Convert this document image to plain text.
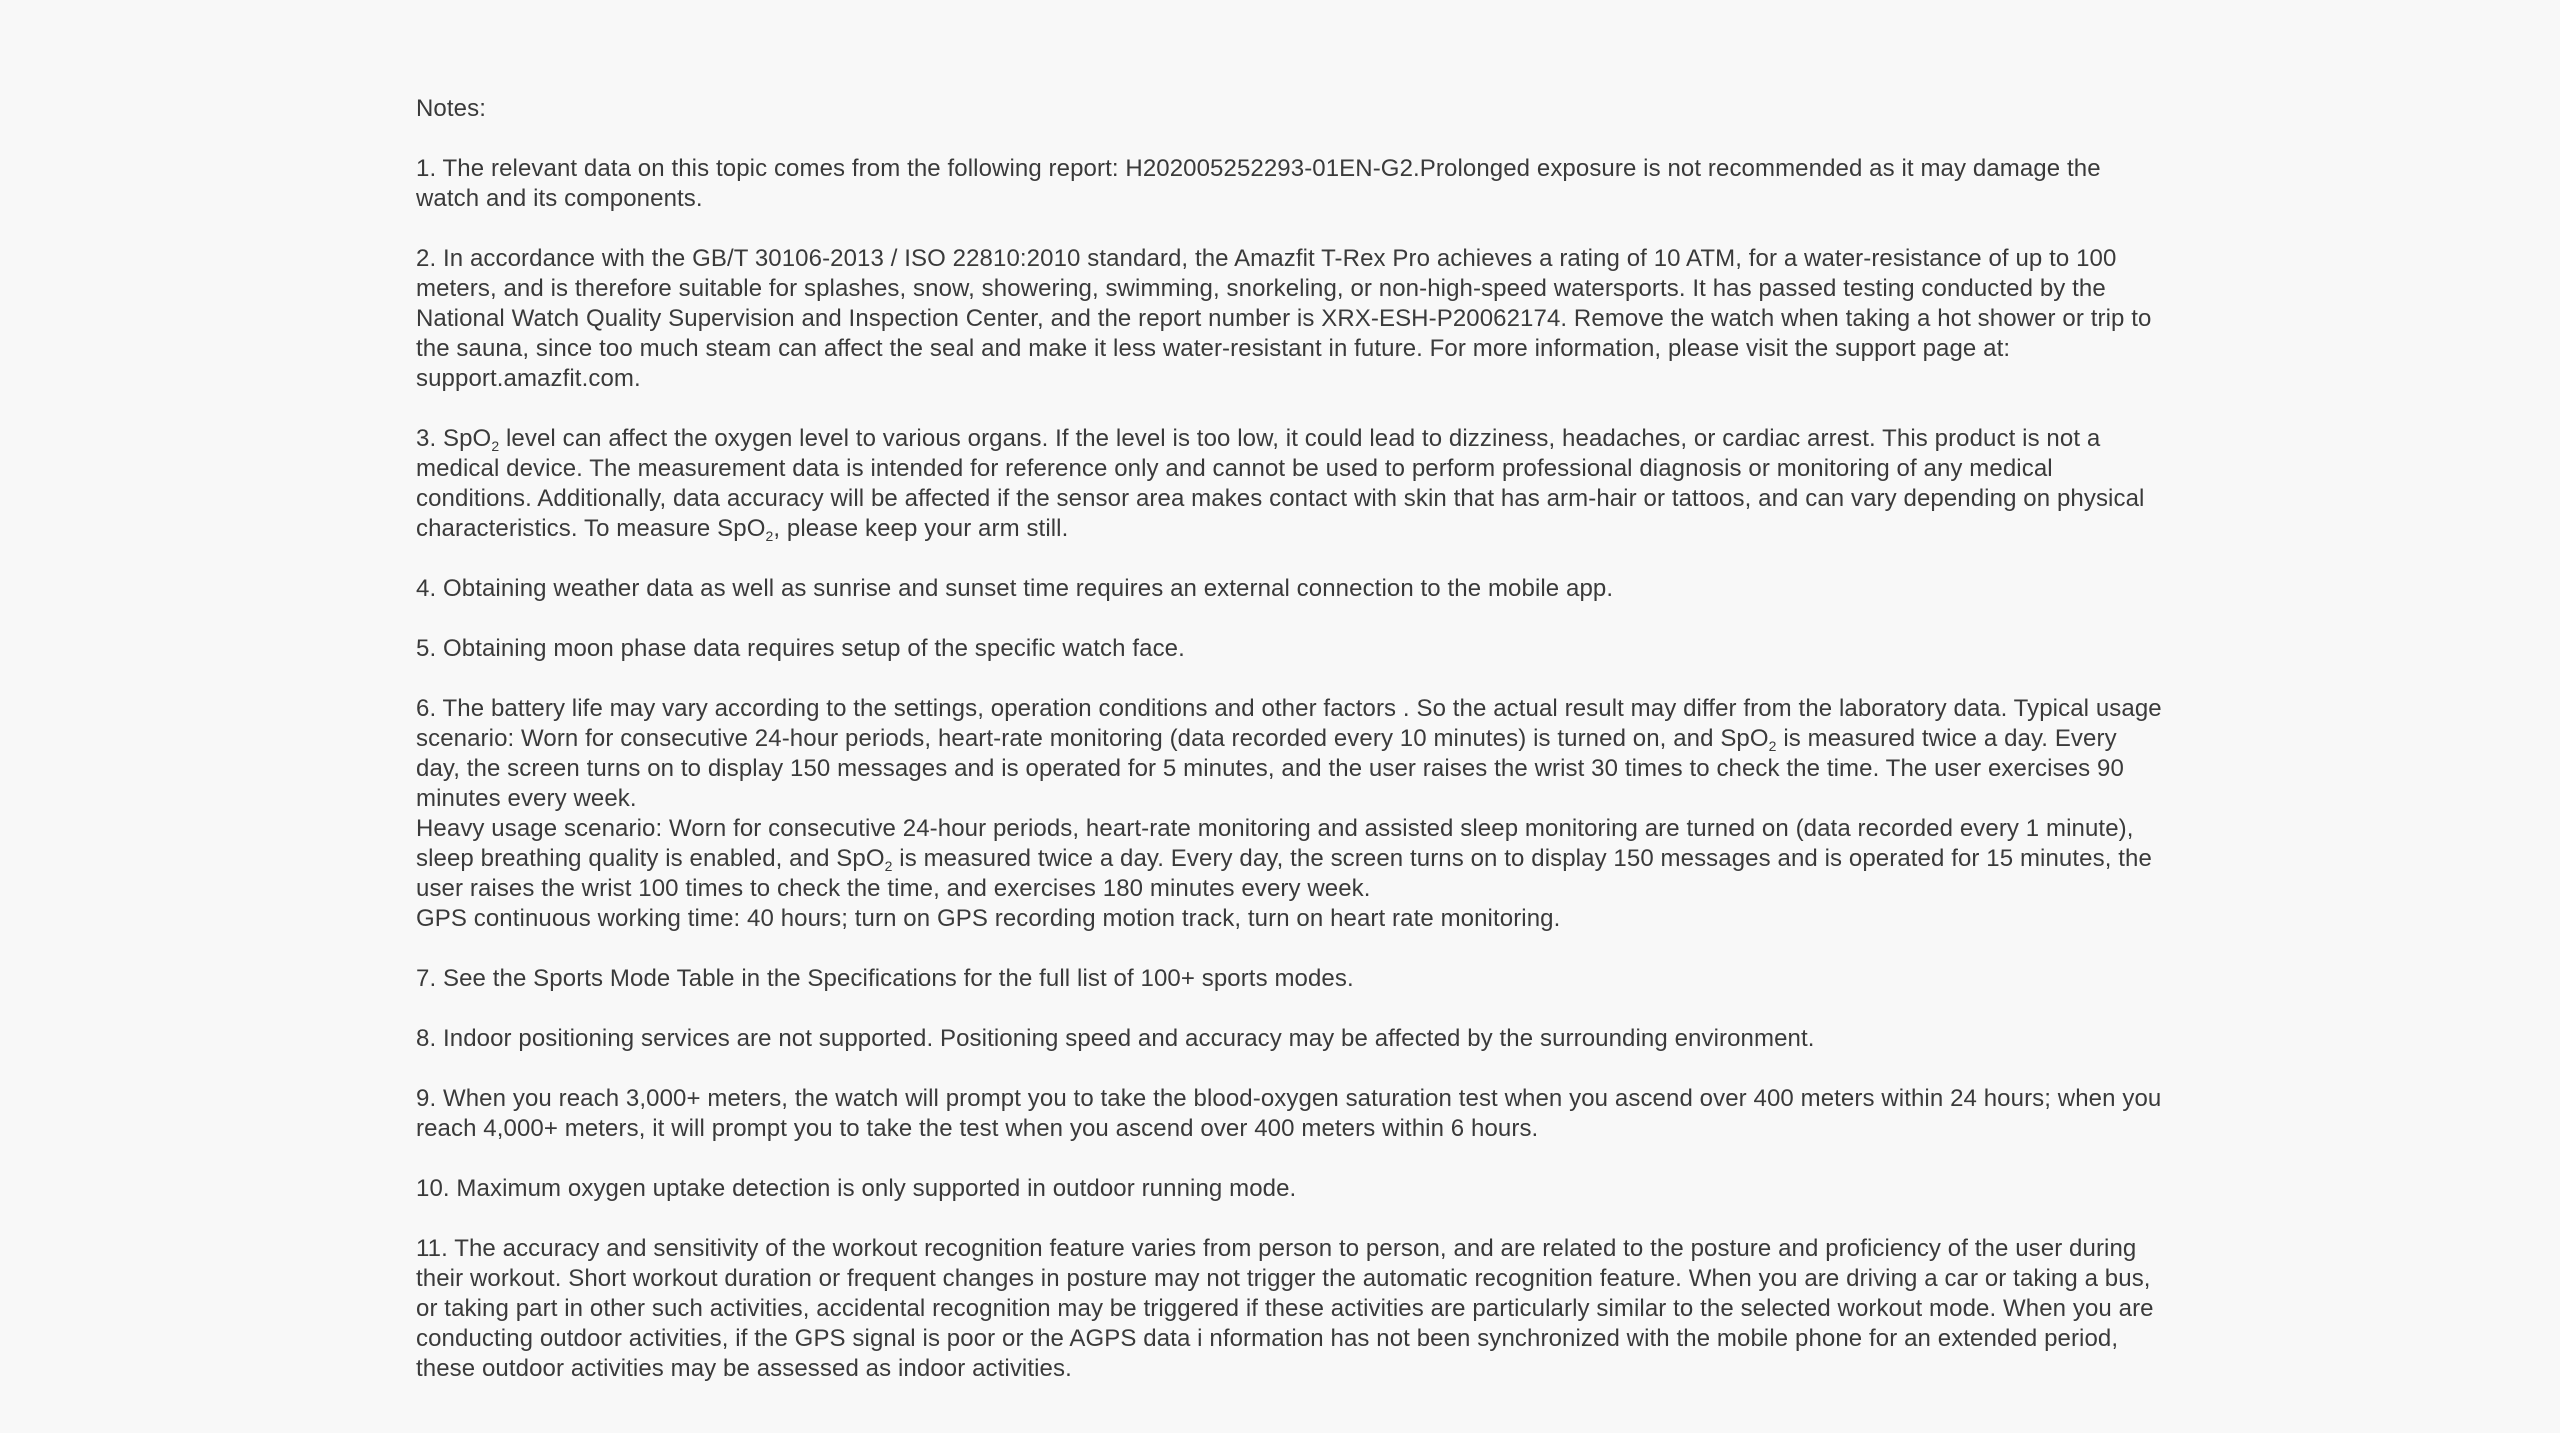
Notes:

1. The relevant data on this topic comes from the following report: H202005252293-01EN-G2.Prolonged exposure is not recommended as it may damage the watch and its components.

2. In accordance with the GB/T 30106-2013 / ISO 22810:2010 standard, the Amazfit T-Rex Pro achieves a rating of 10 ATM, for a water-resistance of up to 100 meters, and is therefore suitable for splashes, snow, showering, swimming, snorkeling, or non-high-speed watersports. It has passed testing conducted by the National Watch Quality Supervision and Inspection Center, and the report number is XRX-ESH-P20062174. Remove the watch when taking a hot shower or trip to the sauna, since too much steam can affect the seal and make it less water-resistant in future. For more information, please visit the support page at: support.amazfit.com.

3. SpO$_2$ level can affect the oxygen level to various organs. If the level is too low, it could lead to dizziness, headaches, or cardiac arrest. This product is not a medical device. The measurement data is intended for reference only and cannot be used to perform professional diagnosis or monitoring of any medical conditions. Additionally, data accuracy will be affected if the sensor area makes contact with skin that has arm-hair or tattoos, and can vary depending on physical characteristics. To measure SpO$_2$, please keep your arm still.

4. Obtaining weather data as well as sunrise and sunset time requires an external connection to the mobile app.

5. Obtaining moon phase data requires setup of the specific watch face.

6. The battery life may vary according to the settings, operation conditions and other factors . So the actual result may differ from the laboratory data. Typical usage scenario: Worn for consecutive 24-hour periods, heart-rate monitoring (data recorded every 10 minutes) is turned on, and SpO$_2$ is measured twice a day. Every day, the screen turns on to display 150 messages and is operated for 5 minutes, and the user raises the wrist 30 times to check the time. The user exercises 90 minutes every week.
Heavy usage scenario: Worn for consecutive 24-hour periods, heart-rate monitoring and assisted sleep monitoring are turned on (data recorded every 1 minute), sleep breathing quality is enabled, and SpO$_2$ is measured twice a day. Every day, the screen turns on to display 150 messages and is operated for 15 minutes, the user raises the wrist 100 times to check the time, and exercises 180 minutes every week.
GPS continuous working time: 40 hours; turn on GPS recording motion track, turn on heart rate monitoring.

7. See the Sports Mode Table in the Specifications for the full list of 100+ sports modes.

8. Indoor positioning services are not supported. Positioning speed and accuracy may be affected by the surrounding environment.

9. When you reach 3,000+ meters, the watch will prompt you to take the blood-oxygen saturation test when you ascend over 400 meters within 24 hours; when you reach 4,000+ meters, it will prompt you to take the test when you ascend over 400 meters within 6 hours.

10. Maximum oxygen uptake detection is only supported in outdoor running mode.

11. The accuracy and sensitivity of the workout recognition feature varies from person to person, and are related to the posture and proficiency of the user during their workout. Short workout duration or frequent changes in posture may not trigger the automatic recognition feature. When you are driving a car or taking a bus, or taking part in other such activities, accidental recognition may be triggered if these activities are particularly similar to the selected workout mode. When you are conducting outdoor activities, if the GPS signal is poor or the AGPS data i nformation has not been synchronized with the mobile phone for an extended period, these outdoor activities may be assessed as indoor activities.
